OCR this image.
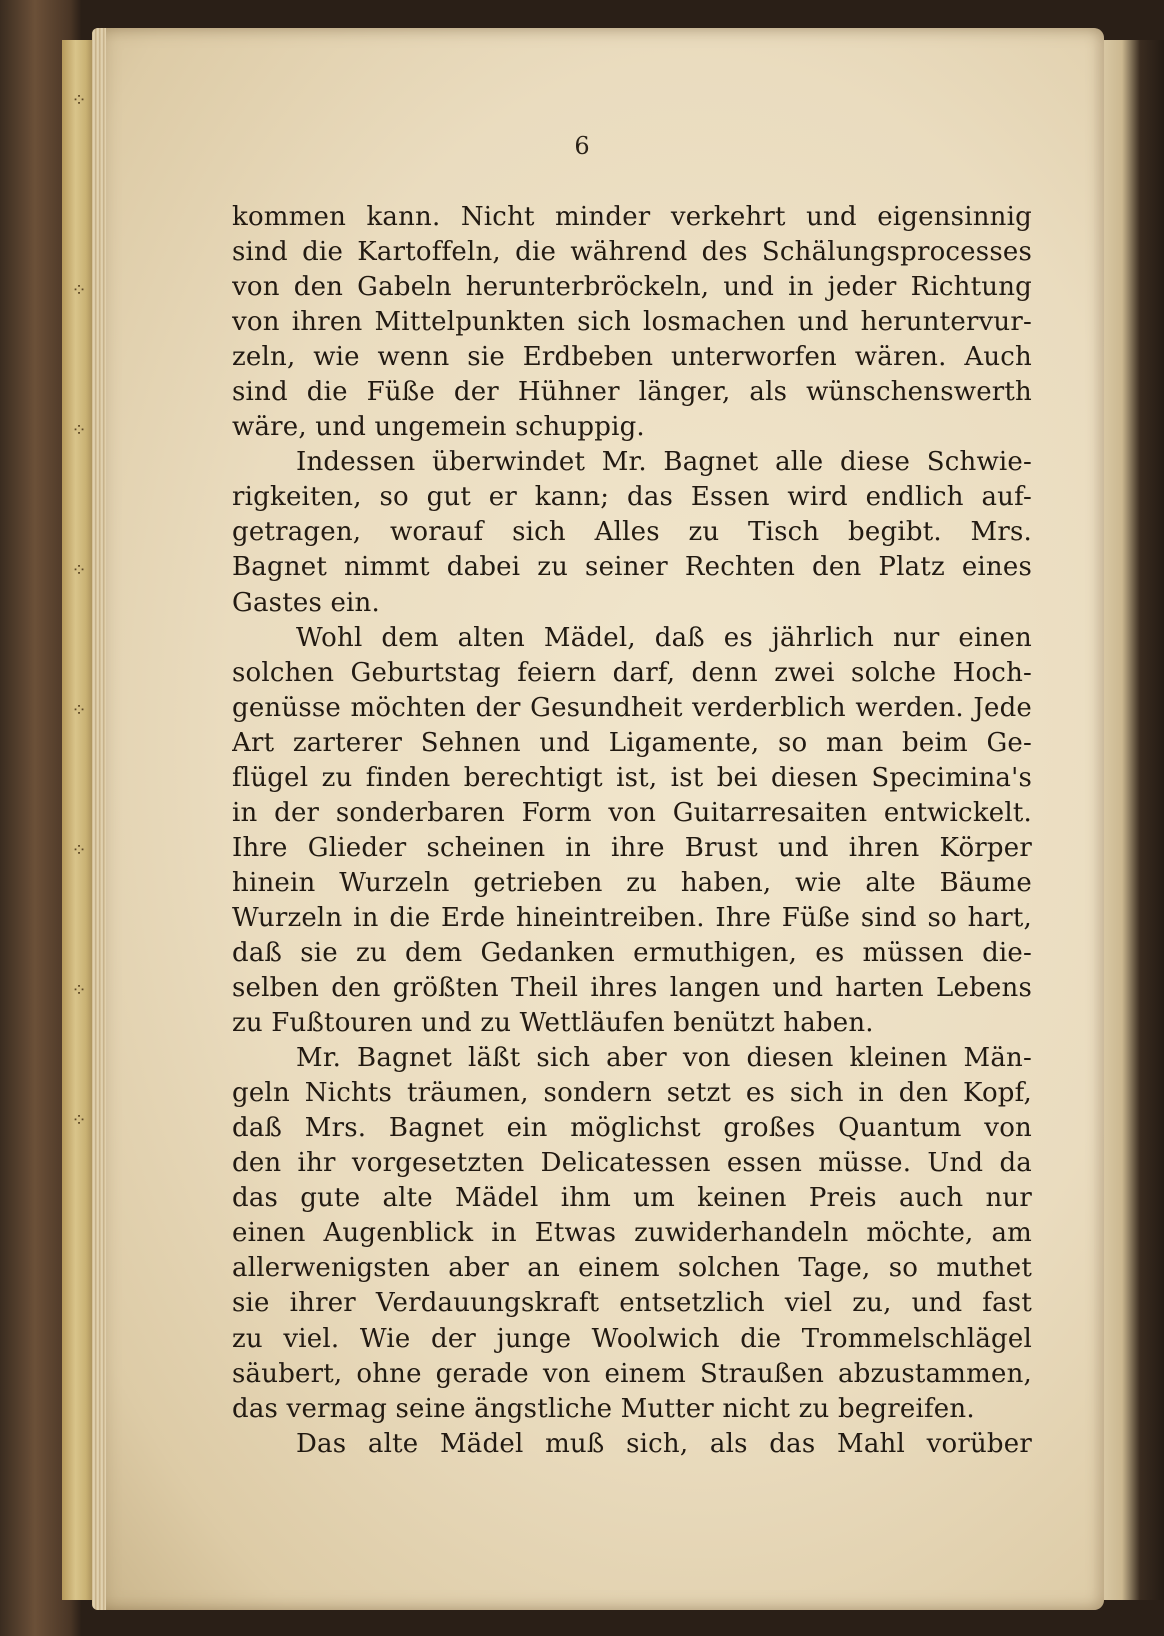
⁘
⁘
⁘
⁘
⁘
⁘
⁘
⁘
6
kommen kann. Nicht minder verkehrt und eigensinnig
sind die Kartoffeln, die während des Schälungsprocesses
von den Gabeln herunterbröckeln, und in jeder Richtung
von ihren Mittelpunkten sich losmachen und heruntervur-
zeln, wie wenn sie Erdbeben unterworfen wären. Auch
sind die Füße der Hühner länger, als wünschenswerth
wäre, und ungemein schuppig.
Indessen überwindet Mr. Bagnet alle diese Schwie-
rigkeiten, so gut er kann; das Essen wird endlich auf-
getragen, worauf sich Alles zu Tisch begibt. Mrs.
Bagnet nimmt dabei zu seiner Rechten den Platz eines
Gastes ein.
Wohl dem alten Mädel, daß es jährlich nur einen
solchen Geburtstag feiern darf, denn zwei solche Hoch-
genüsse möchten der Gesundheit verderblich werden. Jede
Art zarterer Sehnen und Ligamente, so man beim Ge-
flügel zu finden berechtigt ist, ist bei diesen Specimina's
in der sonderbaren Form von Guitarresaiten entwickelt.
Ihre Glieder scheinen in ihre Brust und ihren Körper
hinein Wurzeln getrieben zu haben, wie alte Bäume
Wurzeln in die Erde hineintreiben. Ihre Füße sind so hart,
daß sie zu dem Gedanken ermuthigen, es müssen die-
selben den größten Theil ihres langen und harten Lebens
zu Fußtouren und zu Wettläufen benützt haben.
Mr. Bagnet läßt sich aber von diesen kleinen Män-
geln Nichts träumen, sondern setzt es sich in den Kopf,
daß Mrs. Bagnet ein möglichst großes Quantum von
den ihr vorgesetzten Delicatessen essen müsse. Und da
das gute alte Mädel ihm um keinen Preis auch nur
einen Augenblick in Etwas zuwiderhandeln möchte, am
allerwenigsten aber an einem solchen Tage, so muthet
sie ihrer Verdauungskraft entsetzlich viel zu, und fast
zu viel. Wie der junge Woolwich die Trommelschlägel
säubert, ohne gerade von einem Straußen abzustammen,
das vermag seine ängstliche Mutter nicht zu begreifen.
Das alte Mädel muß sich, als das Mahl vorüber
